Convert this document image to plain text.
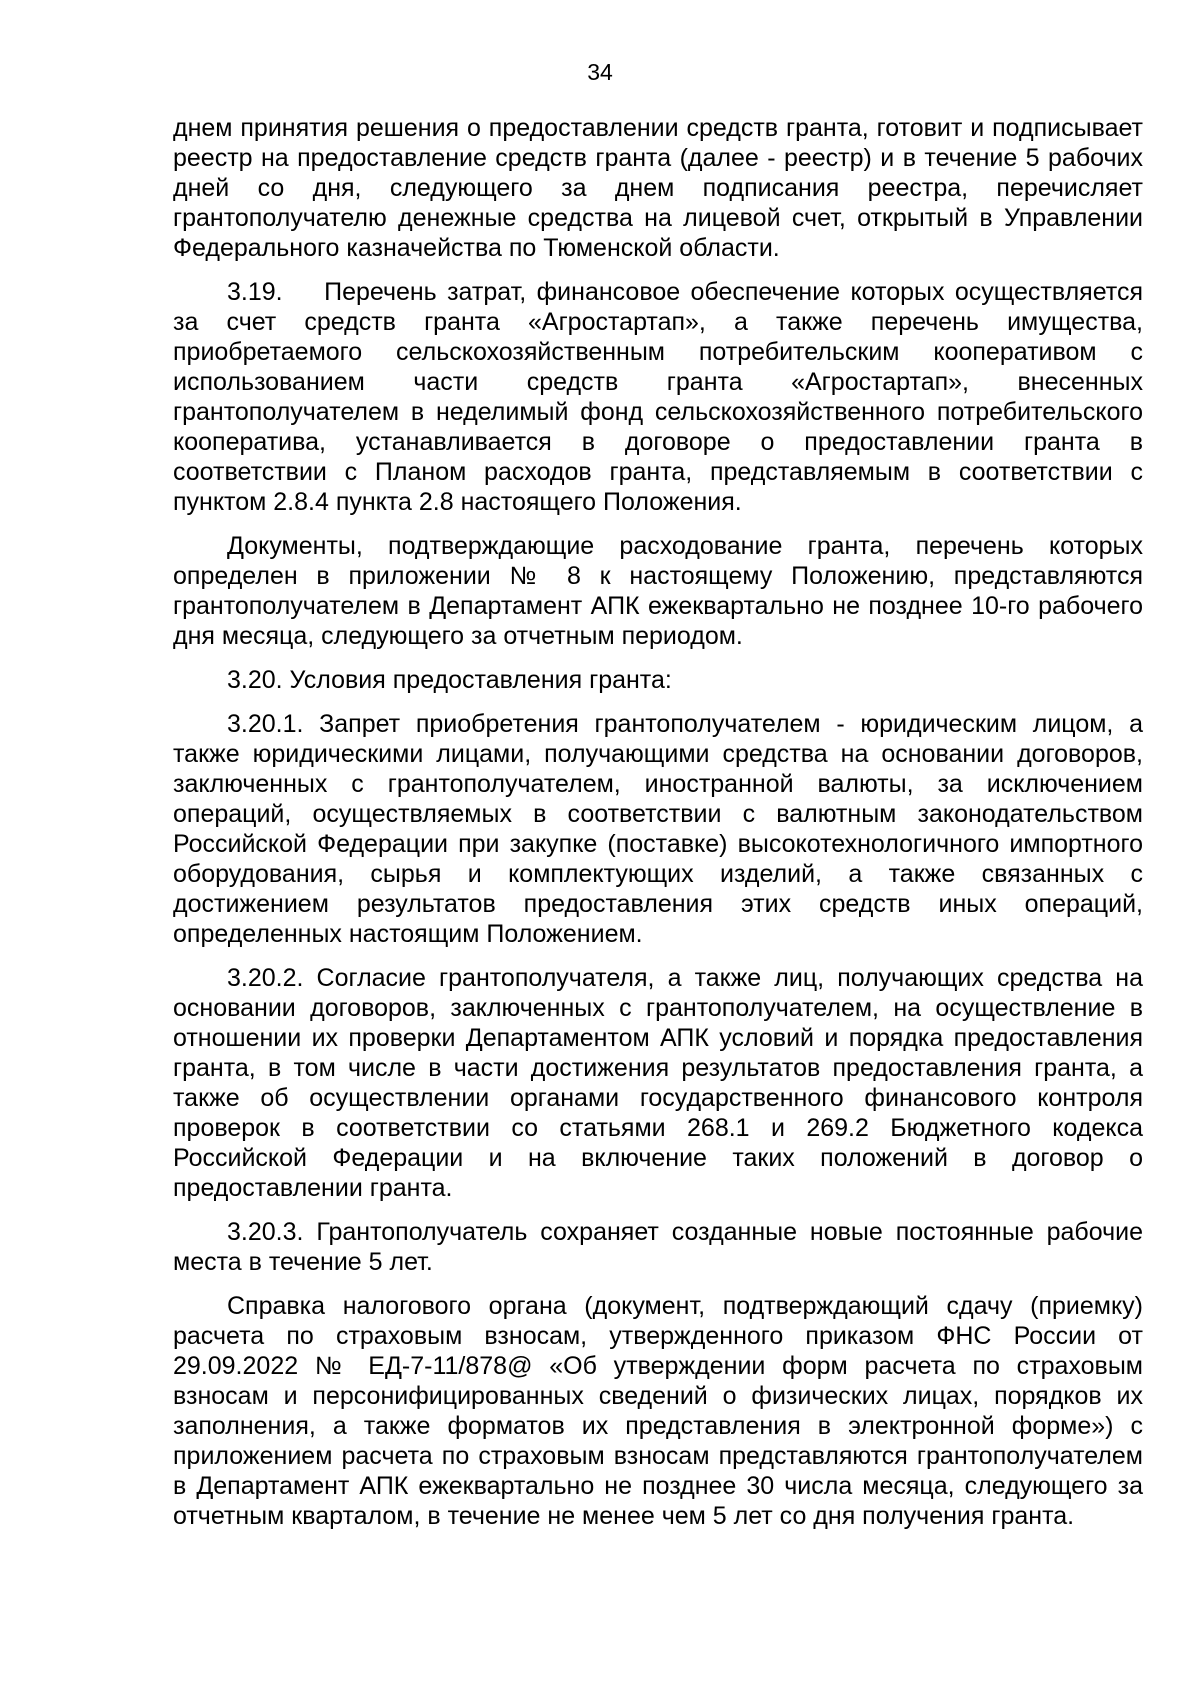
34

днем принятия решения о предоставлении средств гранта, готовит и подписывает реестр на предоставление средств гранта (далее - реестр) и в течение 5 рабочих дней со дня, следующего за днем подписания реестра, перечисляет грантополучателю денежные средства на лицевой счет, открытый в Управлении Федерального казначейства по Тюменской области.

3.19.    Перечень затрат, финансовое обеспечение которых осуществляется за счет средств гранта «Агростартап», а также перечень имущества, приобретаемого сельскохозяйственным потребительским кооперативом с использованием части средств гранта «Агростартап», внесенных грантополучателем в неделимый фонд сельскохозяйственного потребительского кооператива, устанавливается в договоре о предоставлении гранта в соответствии с Планом расходов гранта, представляемым в соответствии с пунктом 2.8.4 пункта 2.8 настоящего Положения.

Документы, подтверждающие расходование гранта, перечень которых определен в приложении № 8 к настоящему Положению, представляются грантополучателем в Департамент АПК ежеквартально не позднее 10-го рабочего дня месяца, следующего за отчетным периодом.

3.20. Условия предоставления гранта:

3.20.1. Запрет приобретения грантополучателем - юридическим лицом, а также юридическими лицами, получающими средства на основании договоров, заключенных с грантополучателем, иностранной валюты, за исключением операций, осуществляемых в соответствии с валютным законодательством Российской Федерации при закупке (поставке) высокотехнологичного импортного оборудования, сырья и комплектующих изделий, а также связанных с достижением результатов предоставления этих средств иных операций, определенных настоящим Положением.

3.20.2. Согласие грантополучателя, а также лиц, получающих средства на основании договоров, заключенных с грантополучателем, на осуществление в отношении их проверки Департаментом АПК условий и порядка предоставления гранта, в том числе в части достижения результатов предоставления гранта, а также об осуществлении органами государственного финансового контроля проверок в соответствии со статьями 268.1 и 269.2 Бюджетного кодекса Российской Федерации и на включение таких положений в договор о предоставлении гранта.

3.20.3. Грантополучатель сохраняет созданные новые постоянные рабочие места в течение 5 лет.

Справка налогового органа (документ, подтверждающий сдачу (приемку) расчета по страховым взносам, утвержденного приказом ФНС России от 29.09.2022 № ЕД-7-11/878@ «Об утверждении форм расчета по страховым взносам и персонифицированных сведений о физических лицах, порядков их заполнения, а также форматов их представления в электронной форме») с приложением расчета по страховым взносам представляются грантополучателем в Департамент АПК ежеквартально не позднее 30 числа месяца, следующего за отчетным кварталом, в течение не менее чем 5 лет со дня получения гранта.
